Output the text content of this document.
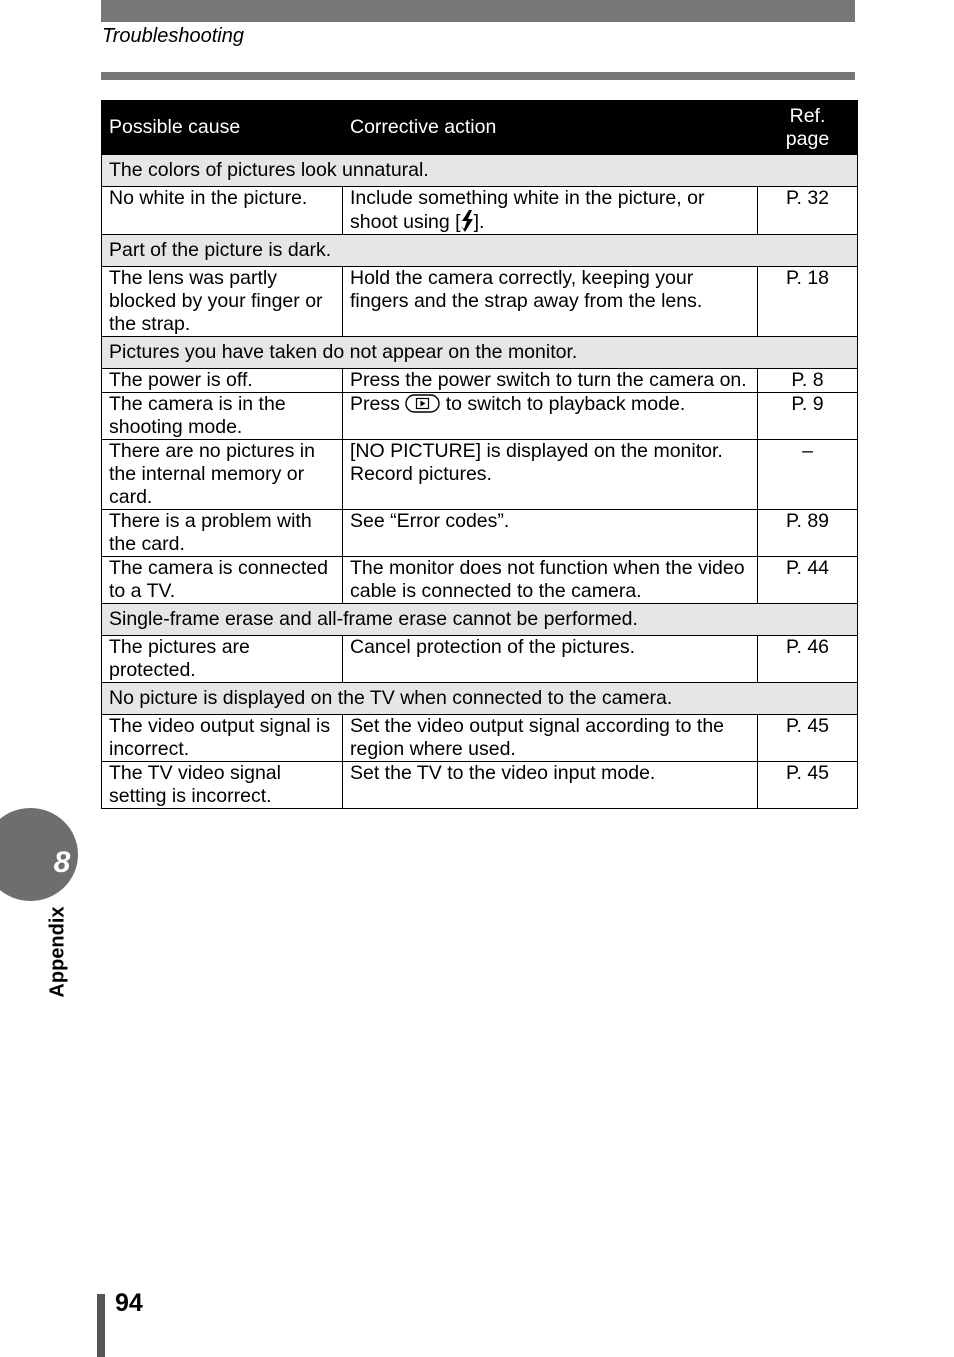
Troubleshooting
Possible cause	Corrective action	Ref.
page
The colors of pictures look unnatural.		
No white in the picture.	Include something white in the picture, or shoot using [ ].	P. 32
Part of the picture is dark.		
The lens was partly blocked by your finger or the strap.	Hold the camera correctly, keeping your fingers and the strap away from the lens.	P. 18
Pictures you have taken do not appear on the monitor.		
The power is off.	Press the power switch to turn the camera on.	P. 8
The camera is in the shooting mode.	Press to switch to playback mode.	P. 9
There are no pictures in the internal memory or card.	[NO PICTURE] is displayed on the monitor. Record pictures.	–
There is a problem with the card.	See “Error codes”.	P. 89
The camera is connected to a TV.	The monitor does not function when the video cable is connected to the camera.	P. 44
Single-frame erase and all-frame erase cannot be performed.		
The pictures are protected.	Cancel protection of the pictures.	P. 46
No picture is displayed on the TV when connected to the camera.		
The video output signal is incorrect.	Set the video output signal according to the region where used.	P. 45
The TV video signal setting is incorrect.	Set the TV to the video input mode.	P. 45
8
Appendix
94
